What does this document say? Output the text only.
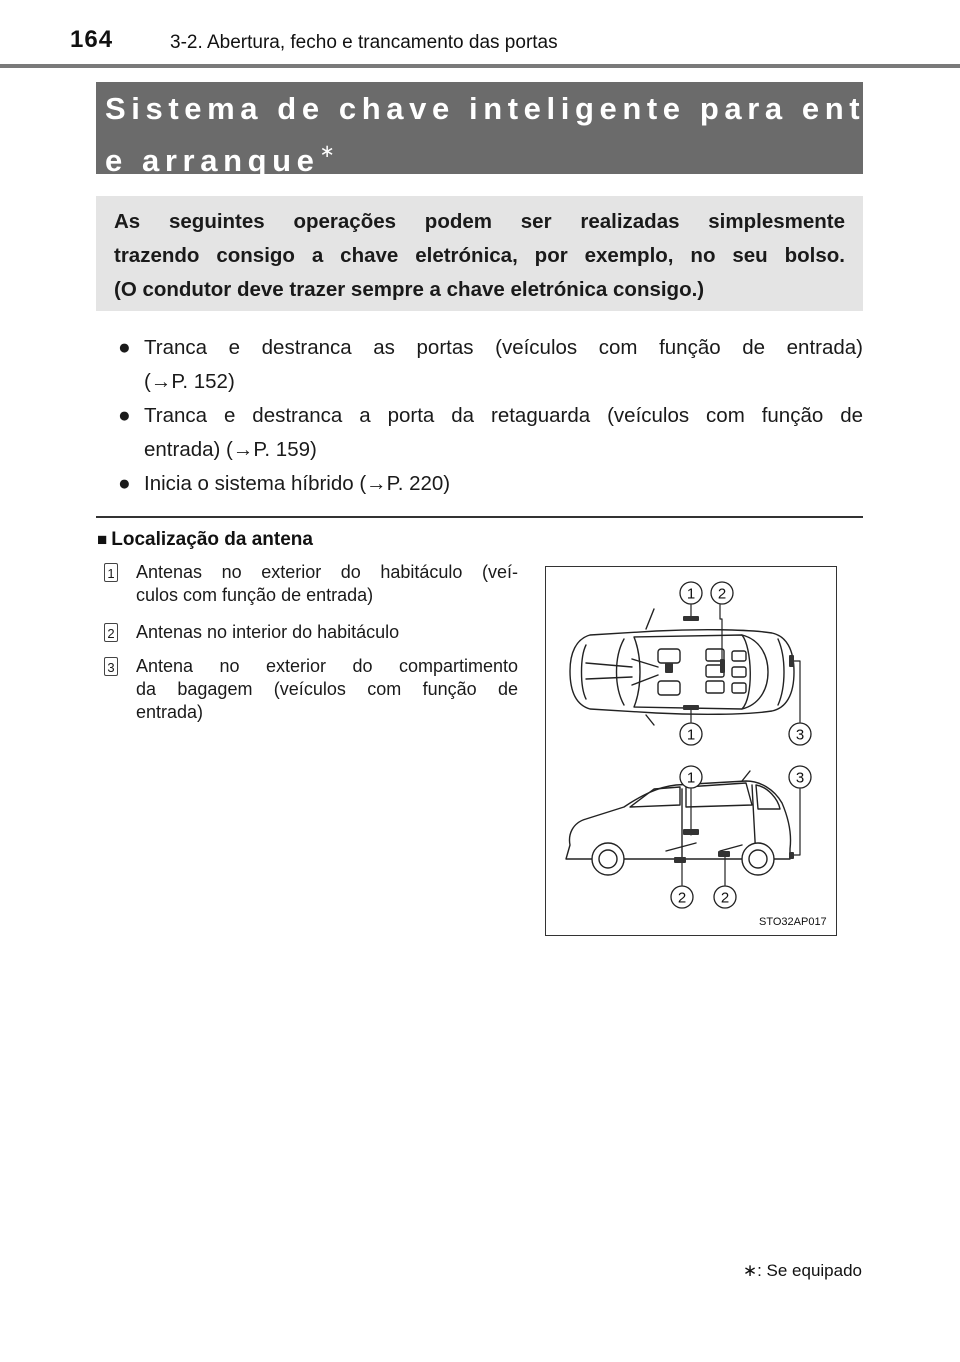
164	3-2. Abertura, fecho e trancamento das portas
Sistema de chave inteligente para entrada
e arranque∗

As seguintes operações podem ser realizadas simplesmente

trazendo consigo a chave eletrónica, por exemplo, no seu bolso.

(O condutor deve trazer sempre a chave eletrónica consigo.)

● Tranca e destranca as portas (veículos com função de entrada)
(→P. 152)
● Tranca e destranca a porta da retaguarda (veículos com função de
entrada) (→P. 159)
● Inicia o sistema híbrido (→P. 220)
■ Localização da antena
1 Antenas no exterior do habitáculo (veí-
culos com função de entrada)
2 Antenas no interior do habitáculo
3 Antena no exterior do compartimento
da bagagem (veículos com função de
entrada)
1 2
1	3
1	3
2 2
STO32AP017
∗: Se equipado
